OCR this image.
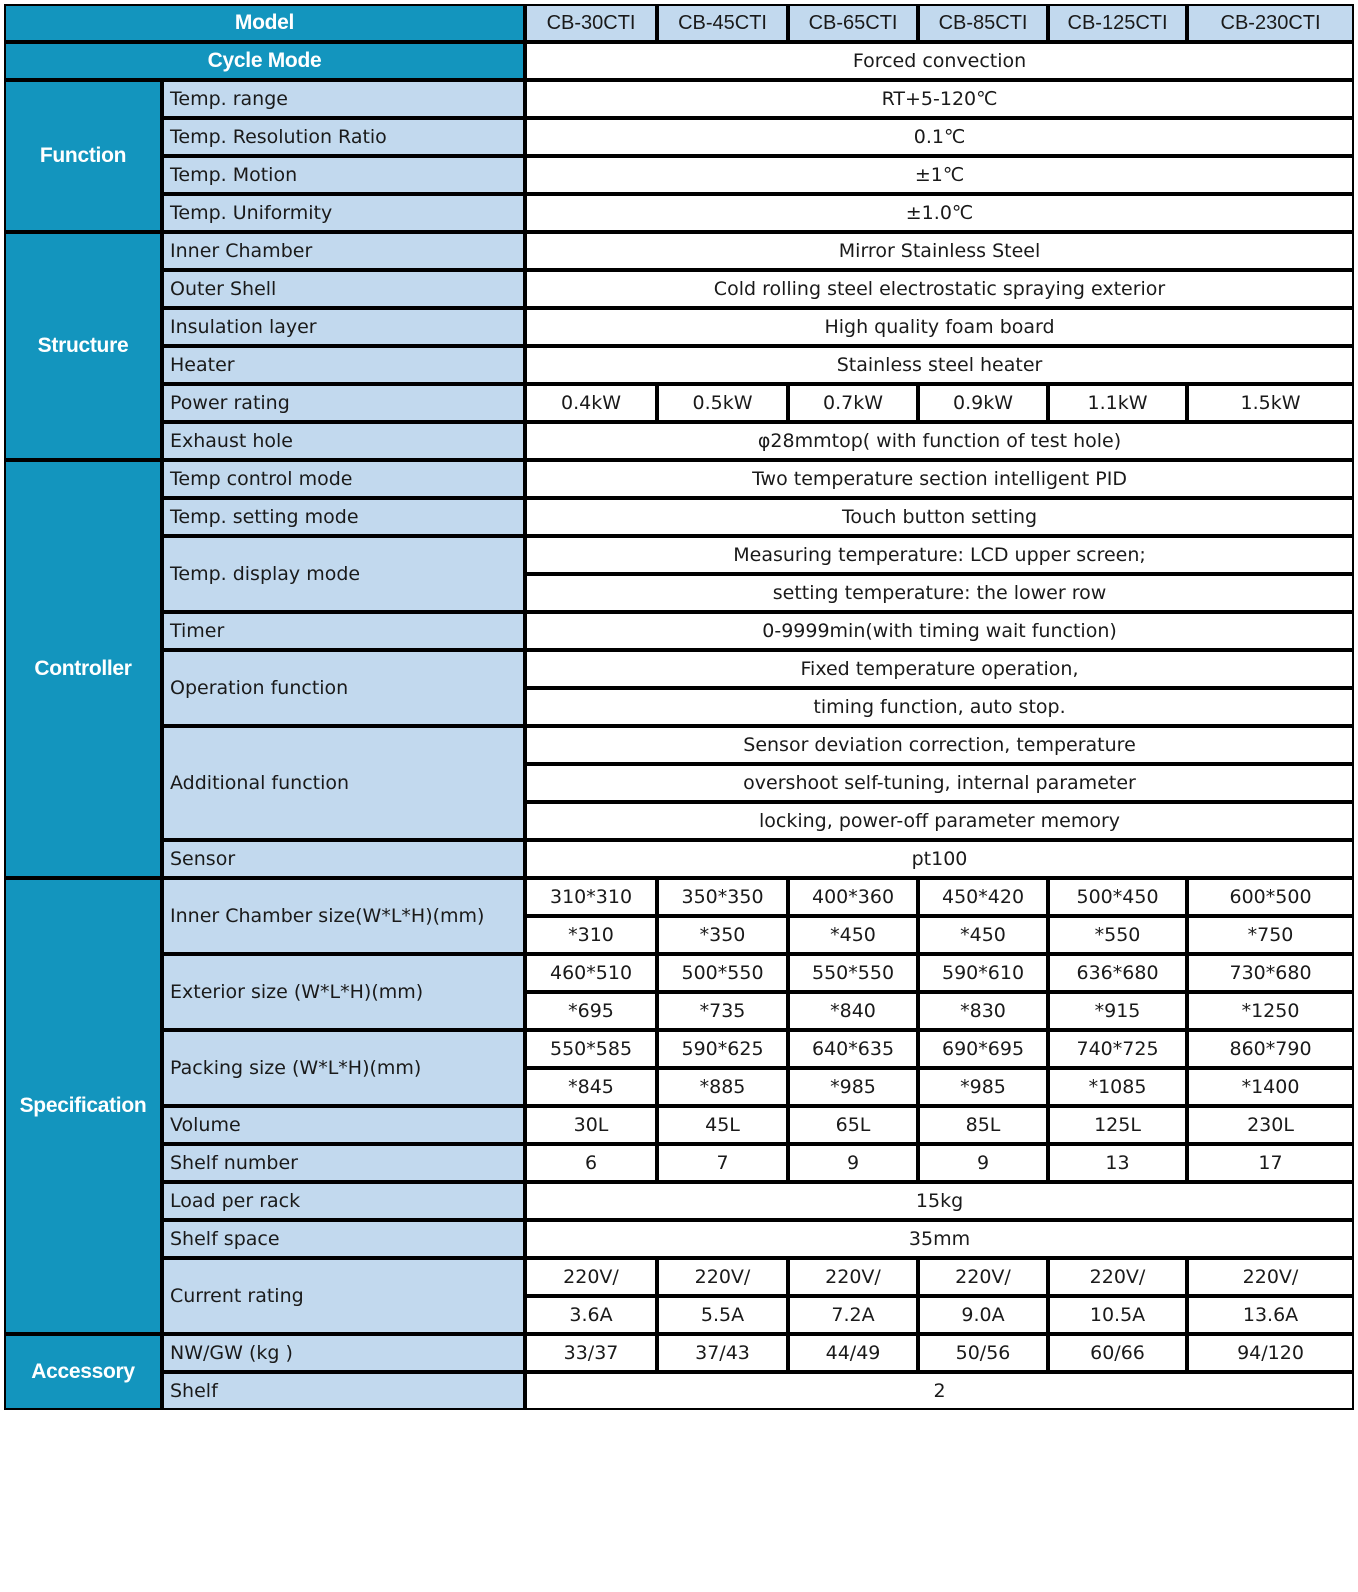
Model		CB-30CTI	CB-45CTI	CB-65CTI	CB-85CTI	CB-125CTI	CB-230CTI
Cycle Mode		Forced convection					
Function	Temp. range	RT+5-120℃					
	Temp. Resolution Ratio	0.1℃					
	Temp. Motion	±1℃					
	Temp. Uniformity	±1.0℃					
Structure	Inner Chamber	Mirror Stainless Steel					
	Outer Shell	Cold rolling steel electrostatic spraying exterior					
	Insulation layer	High quality foam board					
	Heater	Stainless steel heater					
	Power rating	0.4kW	0.5kW	0.7kW	0.9kW	1.1kW	1.5kW
	Exhaust hole	φ28mmtop( with function of test hole)					
Controller	Temp control mode	Two temperature section intelligent PID					
	Temp. setting mode	Touch button setting					
	Temp. display mode	Measuring temperature: LCD upper screen;					
		setting temperature: the lower row					
	Timer	0-9999min(with timing wait function)					
	Operation function	Fixed temperature operation,					
		timing function, auto stop.					
	Additional function	Sensor deviation correction, temperature					
		overshoot self-tuning, internal parameter					
		locking, power-off parameter memory					
	Sensor	pt100					
Specification	Inner Chamber size(W*L*H)(mm)	310*310	350*350	400*360	450*420	500*450	600*500
		*310	*350	*450	*450	*550	*750
	Exterior size (W*L*H)(mm)	460*510	500*550	550*550	590*610	636*680	730*680
		*695	*735	*840	*830	*915	*1250
	Packing size (W*L*H)(mm)	550*585	590*625	640*635	690*695	740*725	860*790
		*845	*885	*985	*985	*1085	*1400
	Volume	30L	45L	65L	85L	125L	230L
	Shelf number	6	7	9	9	13	17
	Load per rack	15kg					
	Shelf space	35mm					
	Current rating	220V/	220V/	220V/	220V/	220V/	220V/
		3.6A	5.5A	7.2A	9.0A	10.5A	13.6A
Accessory	NW/GW (kg )	33/37	37/43	44/49	50/56	60/66	94/120
	Shelf	2					
